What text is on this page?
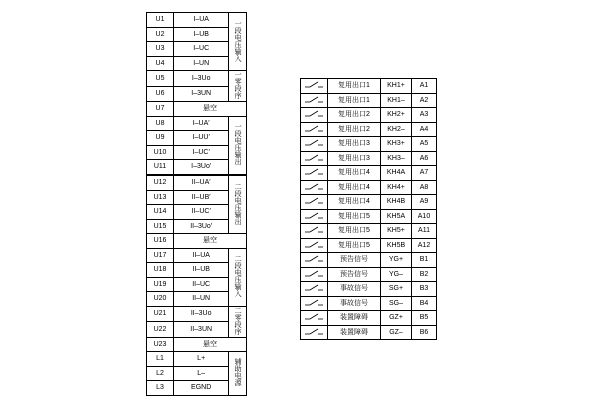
U1	I–UA	一段电压输入
U2	I–UB	
U3	I–UC	
U4	I–UN	
U5	I–3Uo	一零段序
U6	I–3UN	
U7	悬空	
U8	I–UA′	一段电压输出
U9	I–UU′	
U10	I–UC′	
U11	I–3Uo′	
U12	II–UA′	二段电压输出
U13	II–UB′	
U14	II–UC′	
U15	II–3Uo′	
U16	悬空	
U17	II–UA	二段电压输入
U18	II–UB	
U19	II–UC	
U20	II–UN	
U21	II–3Uo	二零段序
U22	II–3UN	
U23	悬空	
L1	L+	辅助电源
L2	L–	
L3	EGND	
	复用出口1	KH1+	A1

	复用出口1	KH1–	A2

	复用出口2	KH2+	A3

	复用出口2	KH2–	A4

	复用出口3	KH3+	A5

	复用出口3	KH3–	A6

	复用出口4	KH4A	A7

	复用出口4	KH4+	A8

	复用出口4	KH4B	A9

	复用出口5	KH5A	A10

	复用出口5	KH5+	A11

	复用出口5	KH5B	A12

	预告信号	YG+	B1

	预告信号	YG–	B2

	事故信号	SG+	B3

	事故信号	SG–	B4

	装置障碍	GZ+	B5

	装置障碍	GZ–	B6
